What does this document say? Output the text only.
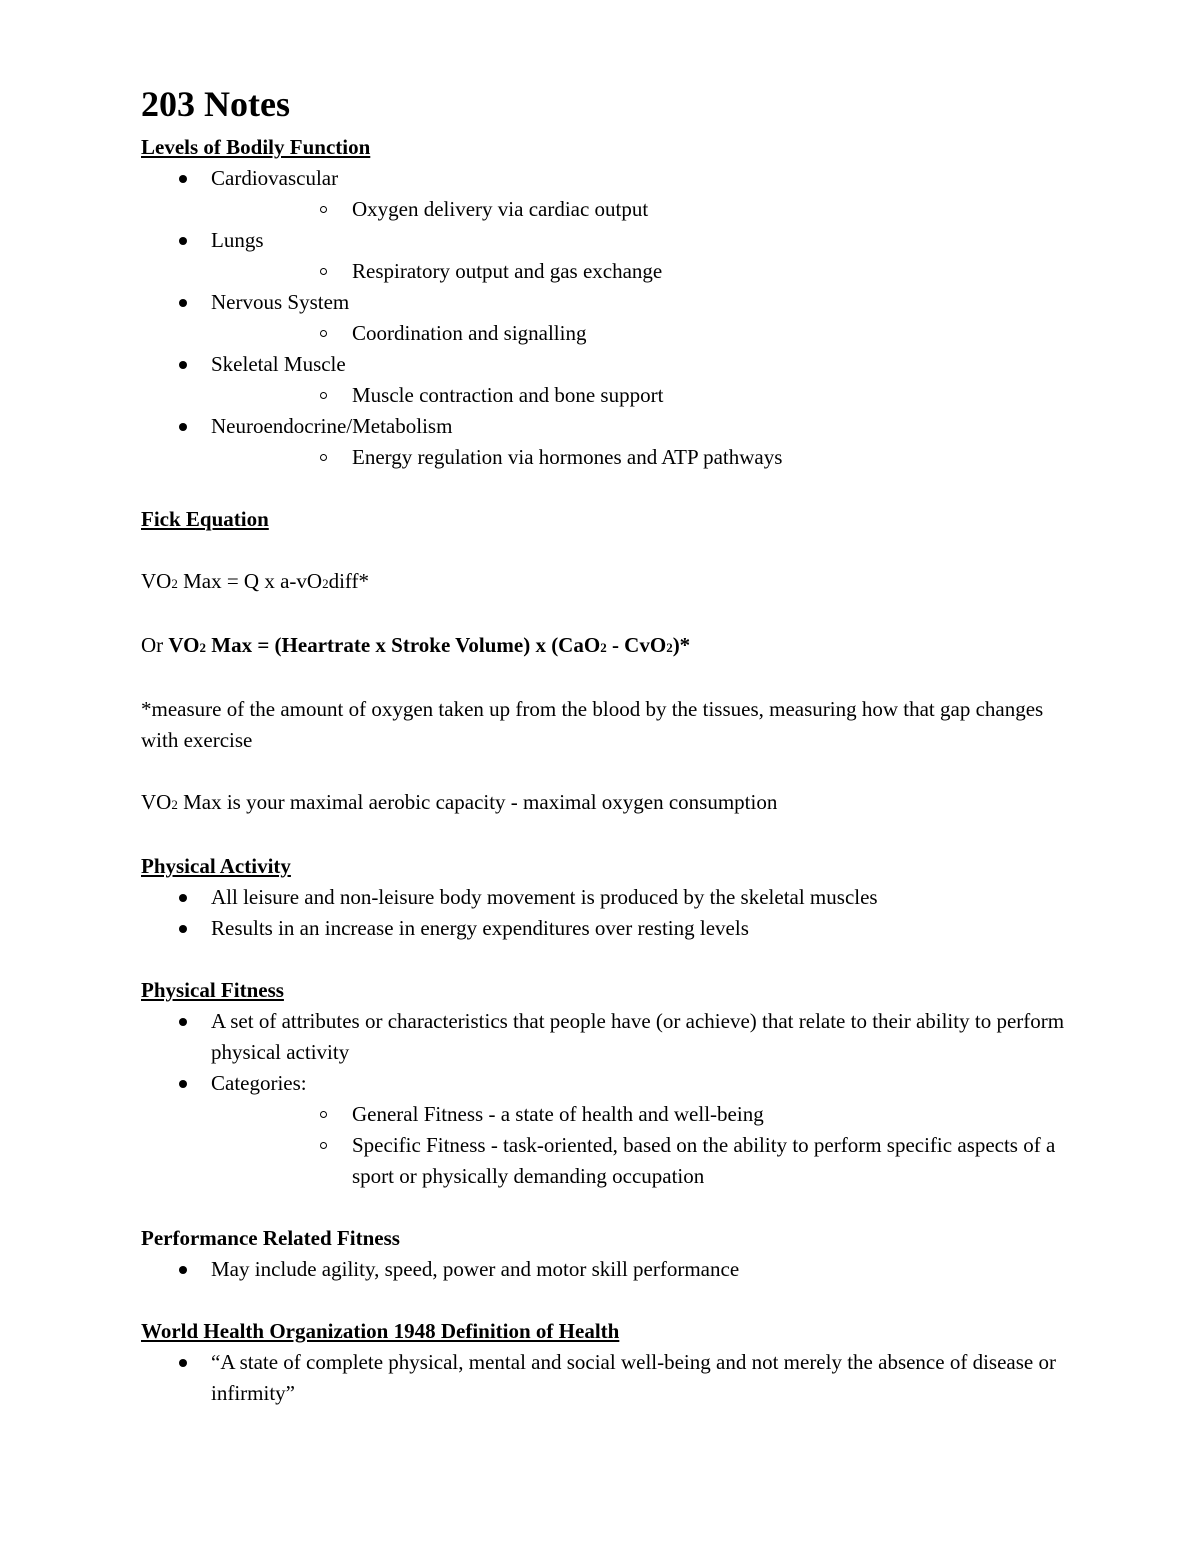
203 Notes
Levels of Bodily Function
Cardiovascular
Oxygen delivery via cardiac output
Lungs
Respiratory output and gas exchange
Nervous System
Coordination and signalling
Skeletal Muscle
Muscle contraction and bone support
Neuroendocrine/Metabolism
Energy regulation via hormones and ATP pathways
Fick Equation
VO2 Max = Q x a-vO2diff*
Or VO2 Max = (Heartrate x Stroke Volume) x (CaO2 - CvO2)*
*measure of the amount of oxygen taken up from the blood by the tissues, measuring how that gap changes with exercise
VO2 Max is your maximal aerobic capacity - maximal oxygen consumption
Physical Activity
All leisure and non-leisure body movement is produced by the skeletal muscles
Results in an increase in energy expenditures over resting levels
Physical Fitness
A set of attributes or characteristics that people have (or achieve) that relate to their ability to perform physical activity
Categories:
General Fitness - a state of health and well-being
Specific Fitness - task-oriented, based on the ability to perform specific aspects of a sport or physically demanding occupation
Performance Related Fitness
May include agility, speed, power and motor skill performance
World Health Organization 1948 Definition of Health
“A state of complete physical, mental and social well-being and not merely the absence of disease or infirmity”
